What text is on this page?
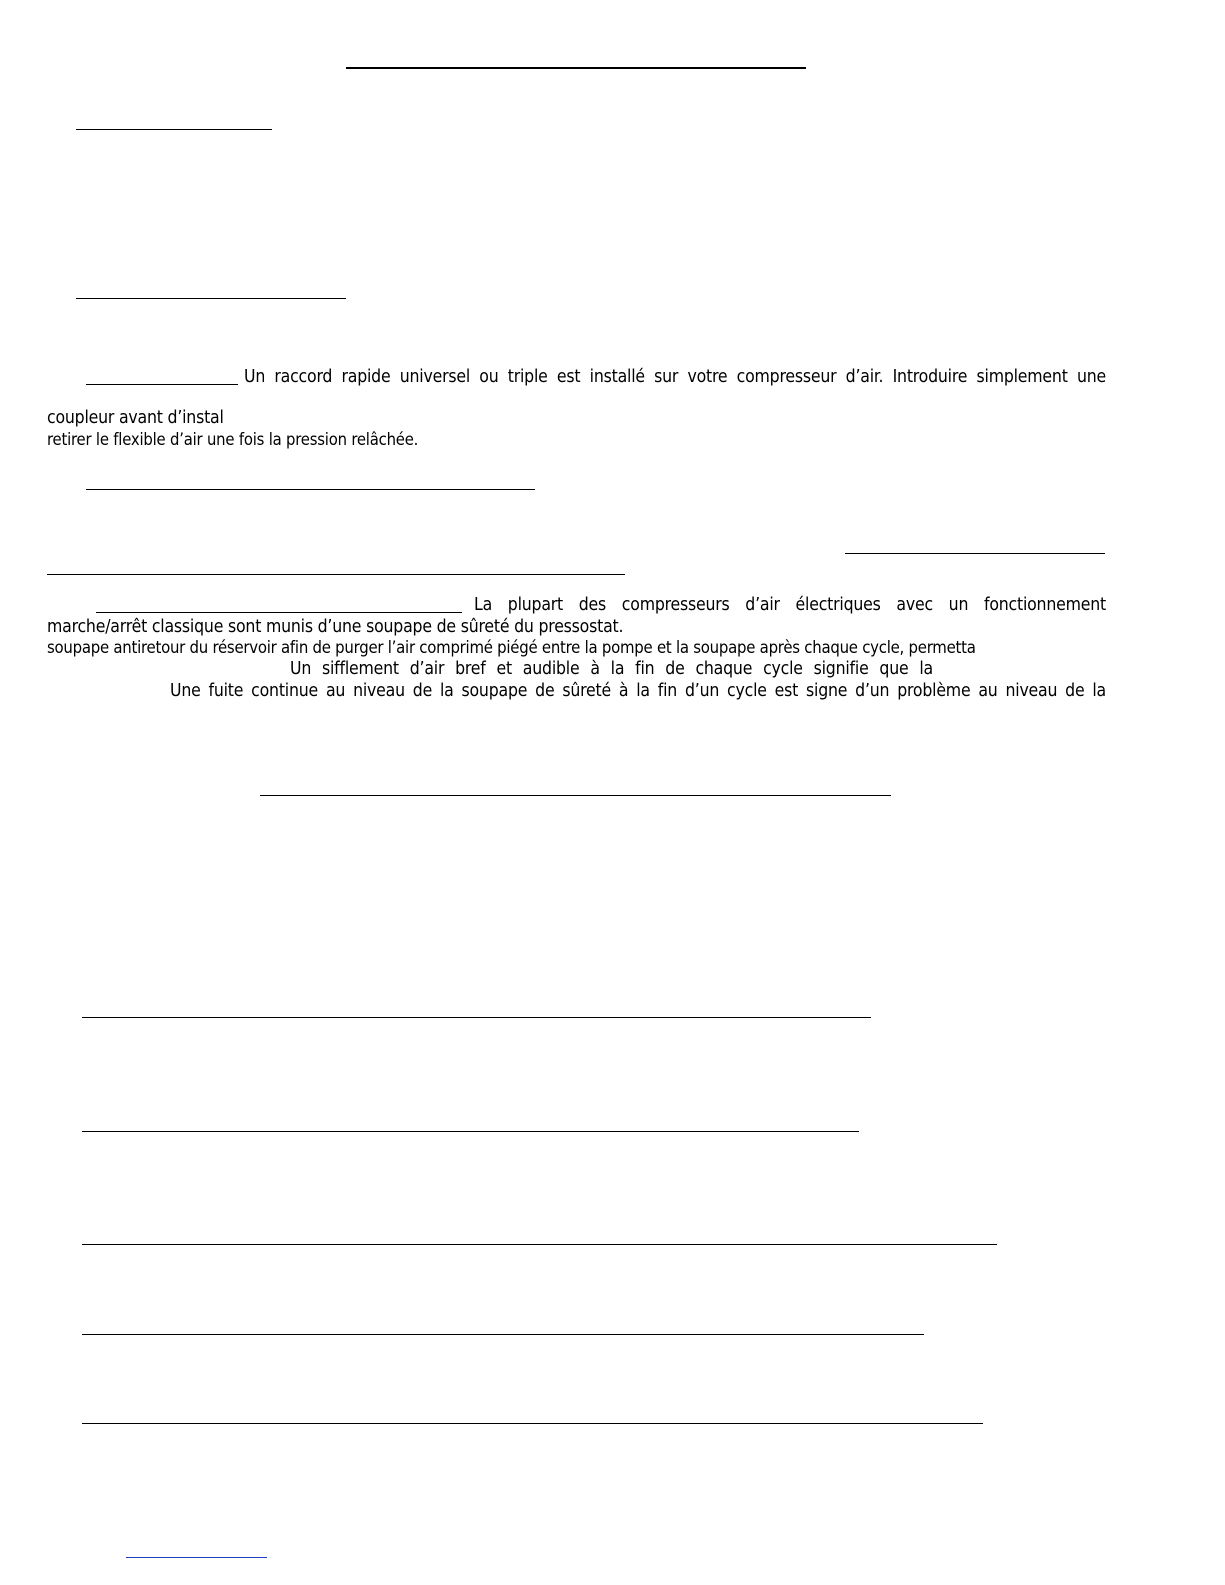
Un raccord rapide universel ou triple est installé sur votre compresseur d’air. Introduire simplement une
coupleur avant d’instal
retirer le flexible d’air une fois la pression relâchée.
La plupart des compresseurs d’air électriques avec un fonctionnement
marche/arrêt classique sont munis d’une soupape de sûreté du pressostat.
soupape antiretour du réservoir afin de purger l’air comprimé piégé entre la pompe et la soupape après chaque cycle, permetta
Un sifflement d’air bref et audible à la fin de chaque cycle signifie que la
Une fuite continue au niveau de la soupape de sûreté à la fin d’un cycle est signe d’un problème au niveau de la
